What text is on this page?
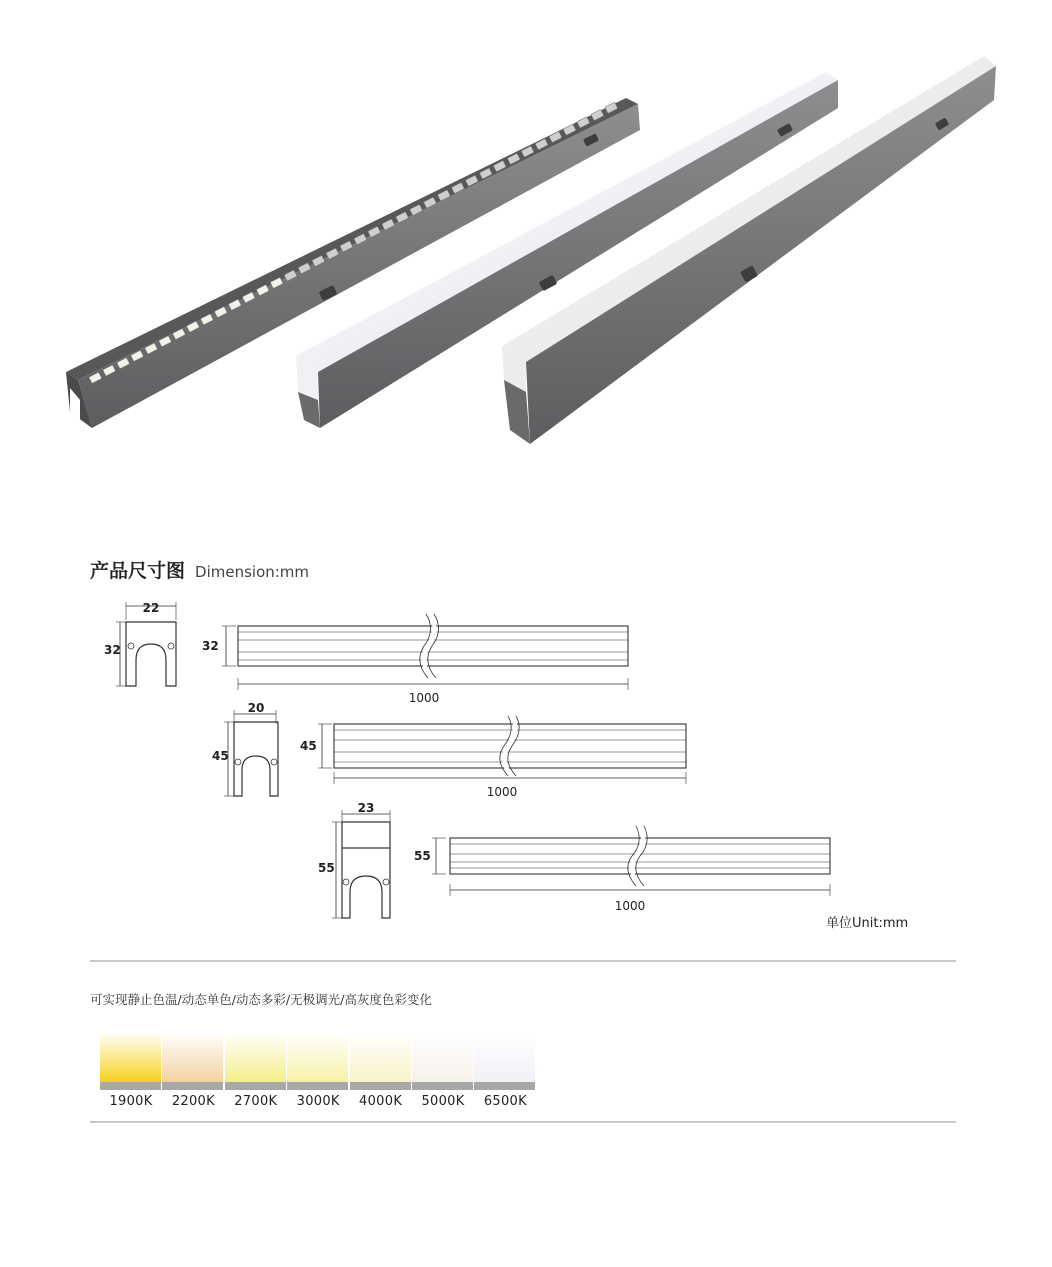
产品尺寸图 Dimension:mm
22
32	32
1000
20
45
45
1000
23
55
55
1000
单位Unit:mm
可实现静止色温/动态单色/动态多彩/无极调光/高灰度色彩变化
1900K	2200K	2700K	3000K	4000K	5000K	6500K
